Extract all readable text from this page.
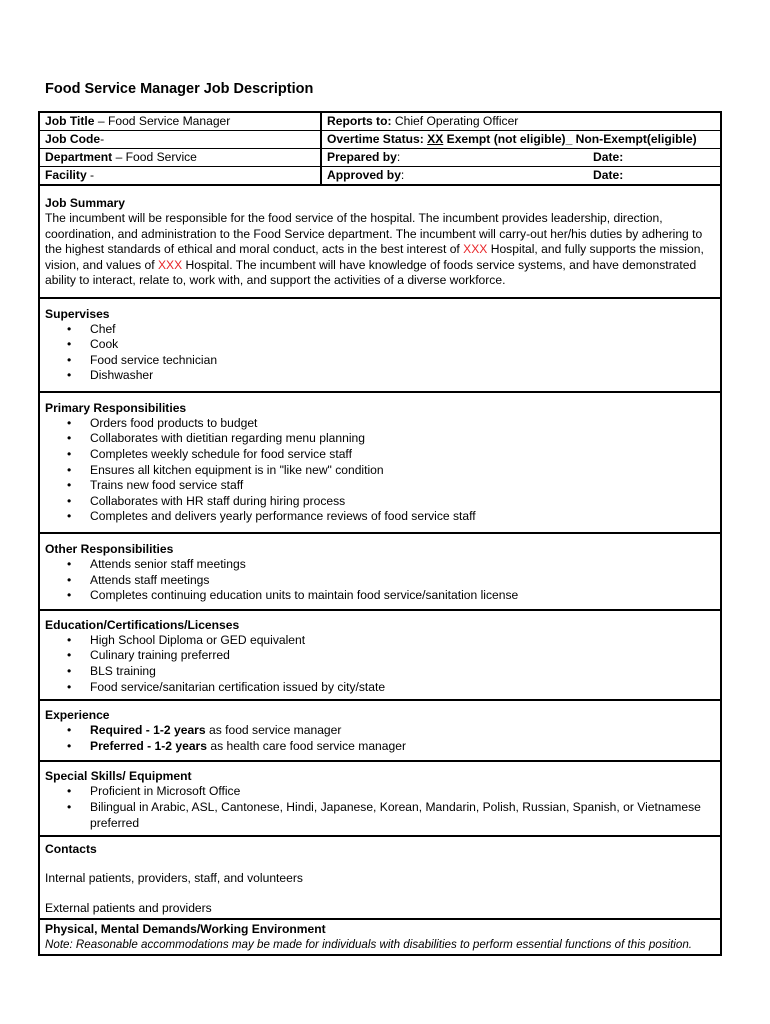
Food Service Manager Job Description
Job Title – Food Service Manager
Job Code-
Department – Food Service
Facility -
Reports to: Chief Operating Officer
Overtime Status: XX Exempt (not eligible)_ Non-Exempt(eligible)
Prepared by:	Date:
Approved by:	Date:
Job Summary

The incumbent will be responsible for the food service of the hospital. The incumbent provides leadership, direction, coordination, and administration to the Food Service department. The incumbent will carry-out her/his duties by adhering to the highest standards of ethical and moral conduct, acts in the best interest of XXX Hospital, and fully supports the mission, vision, and values of XXX Hospital. The incumbent will have knowledge of foods service systems, and have demonstrated ability to interact, relate to, work with, and support the activities of a diverse workforce.

Supervises
• Chef
• Cook
• Food service technician
• Dishwasher
Primary Responsibilities
• Orders food products to budget
• Collaborates with dietitian regarding menu planning
• Completes weekly schedule for food service staff
• Ensures all kitchen equipment is in "like new" condition
• Trains new food service staff
• Collaborates with HR staff during hiring process
• Completes and delivers yearly performance reviews of food service staff
Other Responsibilities
• Attends senior staff meetings
• Attends staff meetings
• Completes continuing education units to maintain food service/sanitation license
Education/Certifications/Licenses
• High School Diploma or GED equivalent
• Culinary training preferred
• BLS training
• Food service/sanitarian certification issued by city/state
Experience
• Required - 1-2 years as food service manager
• Preferred - 1-2 years as health care food service manager
Special Skills/ Equipment
• Proficient in Microsoft Office
• Bilingual in Arabic, ASL, Cantonese, Hindi, Japanese, Korean, Mandarin, Polish, Russian, Spanish, or Vietnamese preferred
Contacts

Internal patients, providers, staff, and volunteers

External patients and providers

Physical, Mental Demands/Working Environment

Note: Reasonable accommodations may be made for individuals with disabilities to perform essential functions of this position.
